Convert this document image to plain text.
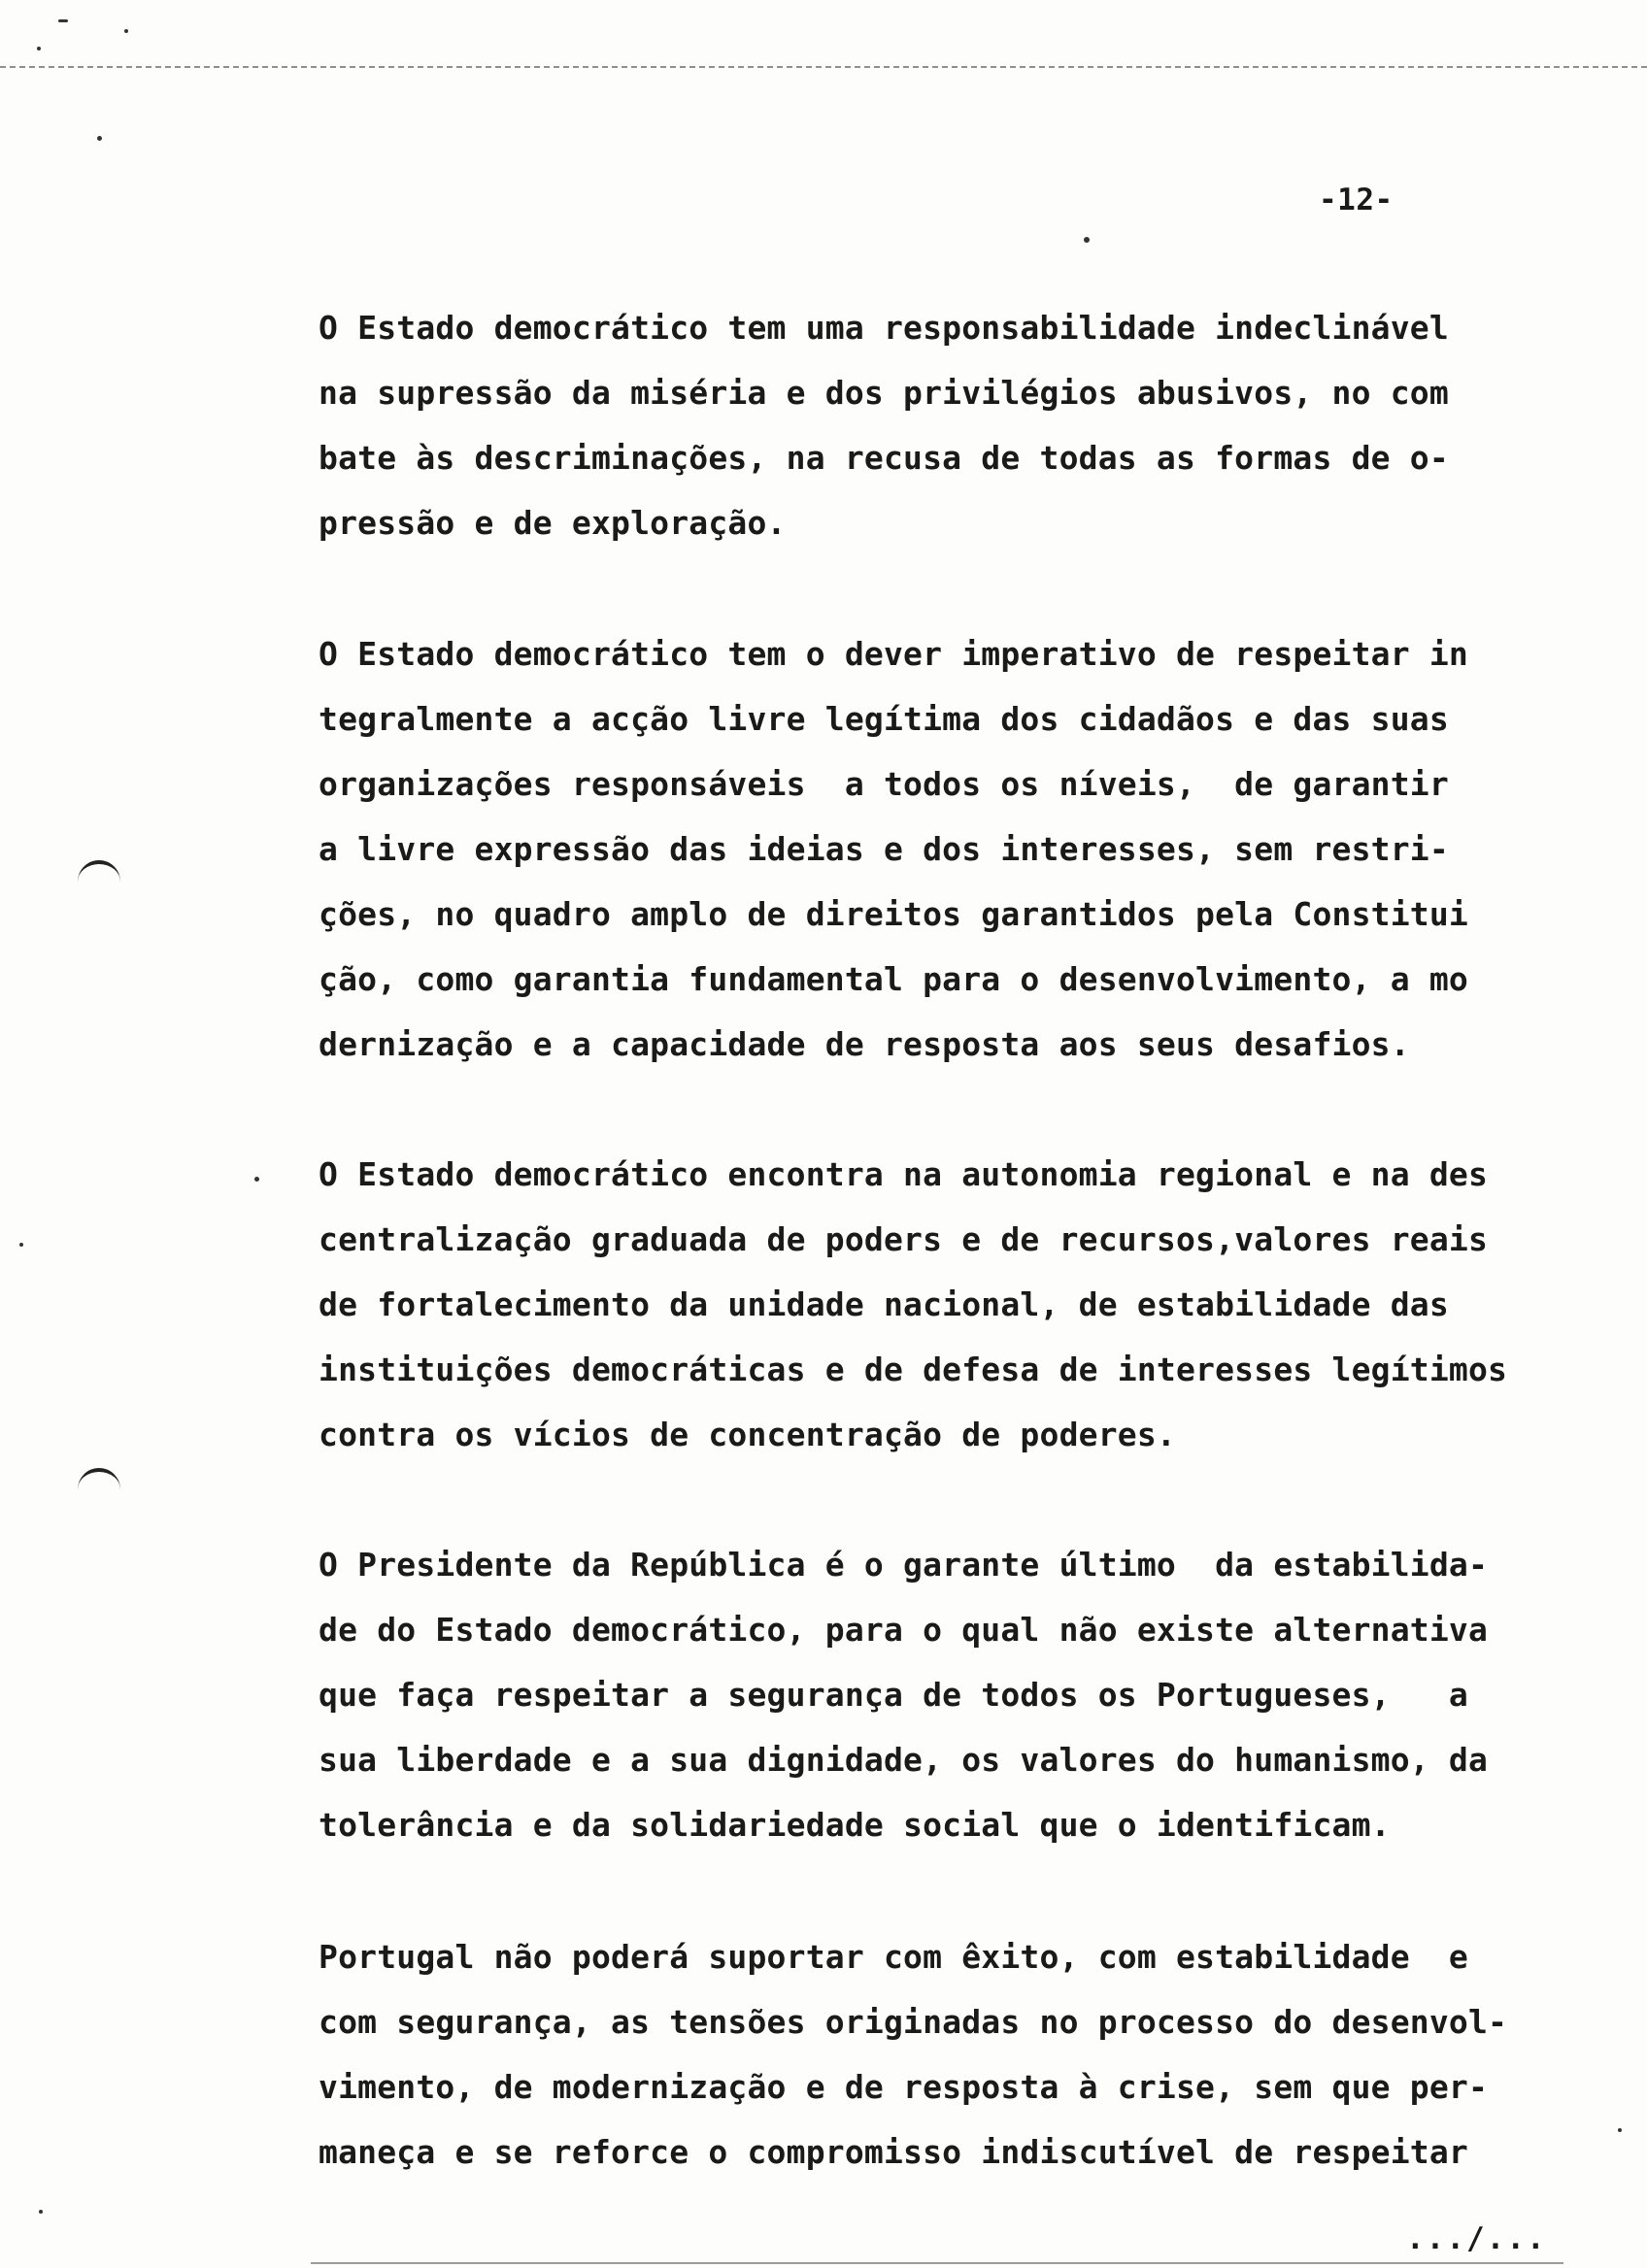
-12-
O Estado democrático tem uma responsabilidade indeclinável
na supressão da miséria e dos privilégios abusivos, no com
bate às descriminações, na recusa de todas as formas de o-
pressão e de exploração.
O Estado democrático tem o dever imperativo de respeitar in
tegralmente a acção livre legítima dos cidadãos e das suas
organizações responsáveis  a todos os níveis,  de garantir
a livre expressão das ideias e dos interesses, sem restri-
ções, no quadro amplo de direitos garantidos pela Constitui
ção, como garantia fundamental para o desenvolvimento, a mo
dernização e a capacidade de resposta aos seus desafios.
O Estado democrático encontra na autonomia regional e na des
centralização graduada de poders e de recursos,valores reais
de fortalecimento da unidade nacional, de estabilidade das
instituições democráticas e de defesa de interesses legítimos
contra os vícios de concentração de poderes.
O Presidente da República é o garante último  da estabilida-
de do Estado democrático, para o qual não existe alternativa
que faça respeitar a segurança de todos os Portugueses,   a
sua liberdade e a sua dignidade, os valores do humanismo, da
tolerância e da solidariedade social que o identificam.
Portugal não poderá suportar com êxito, com estabilidade  e
com segurança, as tensões originadas no processo do desenvol-
vimento, de modernização e de resposta à crise, sem que per-
maneça e se reforce o compromisso indiscutível de respeitar
.../...
